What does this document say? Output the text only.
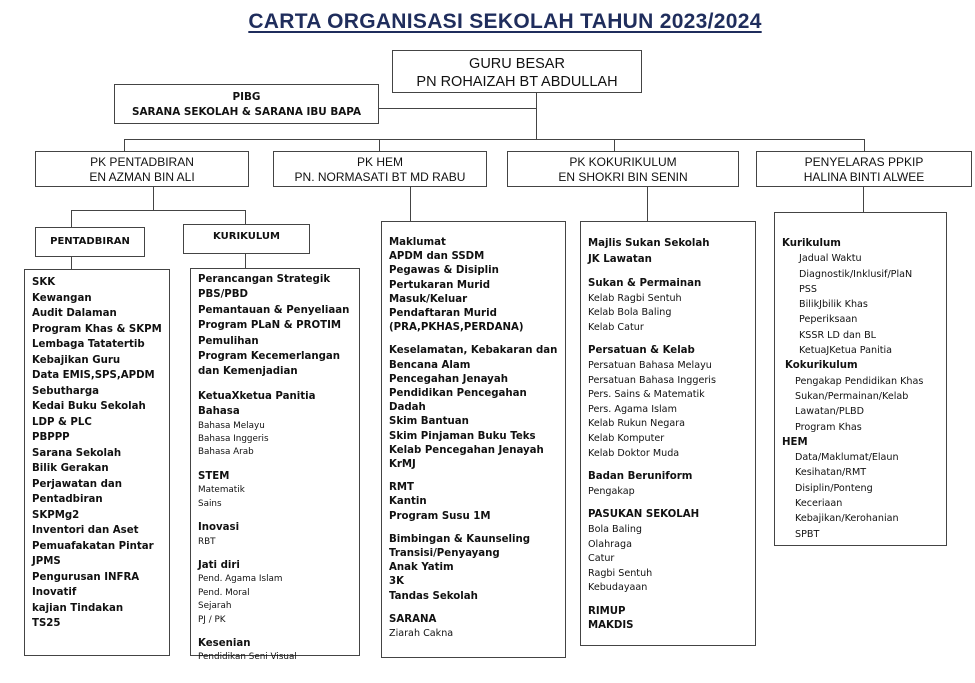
CARTA ORGANISASI SEKOLAH TAHUN 2023/2024
GURU BESAR
PN ROHAIZAH BT ABDULLAH
PIBG
SARANA SEKOLAH & SARANA IBU BAPA
PK PENTADBIRAN
EN AZMAN BIN ALI
PK HEM
PN. NORMASATI BT MD RABU
PK KOKURIKULUM
EN SHOKRI BIN SENIN
PENYELARAS PPKIP
HALINA BINTI ALWEE
PENTADBIRAN	KURIKULUM
SKK
Kewangan
Audit Dalaman
Program Khas & SKPM
Lembaga Tatatertib
Kebajikan Guru
Data EMIS,SPS,APDM
Sebutharga
Kedai Buku Sekolah
LDP & PLC
PBPPP
Sarana Sekolah
Bilik Gerakan
Perjawatan dan
Pentadbiran
SKPMg2
Inventori dan Aset
Pemuafakatan Pintar
JPMS
Pengurusan INFRA
Inovatif
kajian Tindakan
TS25
Perancangan Strategik
PBS/PBD
Pemantauan & Penyeliaan
Program PLaN & PROTIM
Pemulihan
Program Kecemerlangan
dan Kemenjadian
KetuaXketua Panitia
Bahasa
Bahasa Melayu
Bahasa Inggeris
Bahasa Arab
STEM
Matematik
Sains
Inovasi
RBT
Jati diri
Pend. Agama Islam
Pend. Moral
Sejarah
PJ / PK
Kesenian
Pendidikan Seni Visual
Maklumat
APDM dan SSDM
Pegawas & Disiplin
Pertukaran Murid
Masuk/Keluar
Pendaftaran Murid
(PRA,PKHAS,PERDANA)
Keselamatan, Kebakaran dan
Bencana Alam
Pencegahan Jenayah
Pendidikan Pencegahan
Dadah
Skim Bantuan
Skim Pinjaman Buku Teks
Kelab Pencegahan Jenayah
KrMJ
RMT
Kantin
Program Susu 1M
Bimbingan & Kaunseling
Transisi/Penyayang
Anak Yatim
3K
Tandas Sekolah
SARANA
Ziarah Cakna
Majlis Sukan Sekolah
JK Lawatan
Sukan & Permainan
Kelab Ragbi Sentuh
Kelab Bola Baling
Kelab Catur
Persatuan & Kelab
Persatuan Bahasa Melayu
Persatuan Bahasa Inggeris
Pers. Sains & Matematik
Pers. Agama Islam
Kelab Rukun Negara
Kelab Komputer
Kelab Doktor Muda
Badan Beruniform
Pengakap
PASUKAN SEKOLAH
Bola Baling
Olahraga
Catur
Ragbi Sentuh
Kebudayaan
RIMUP
MAKDIS
Kurikulum
Jadual Waktu
Diagnostik/Inklusif/PlaN
PSS
BilikJbilik Khas
Peperiksaan
KSSR LD dan BL
KetuaJKetua Panitia
Kokurikulum
Pengakap Pendidikan Khas
Sukan/Permainan/Kelab
Lawatan/PLBD
Program Khas
HEM
Data/Maklumat/Elaun
Kesihatan/RMT
Disiplin/Ponteng
Keceriaan
Kebajikan/Kerohanian
SPBT
